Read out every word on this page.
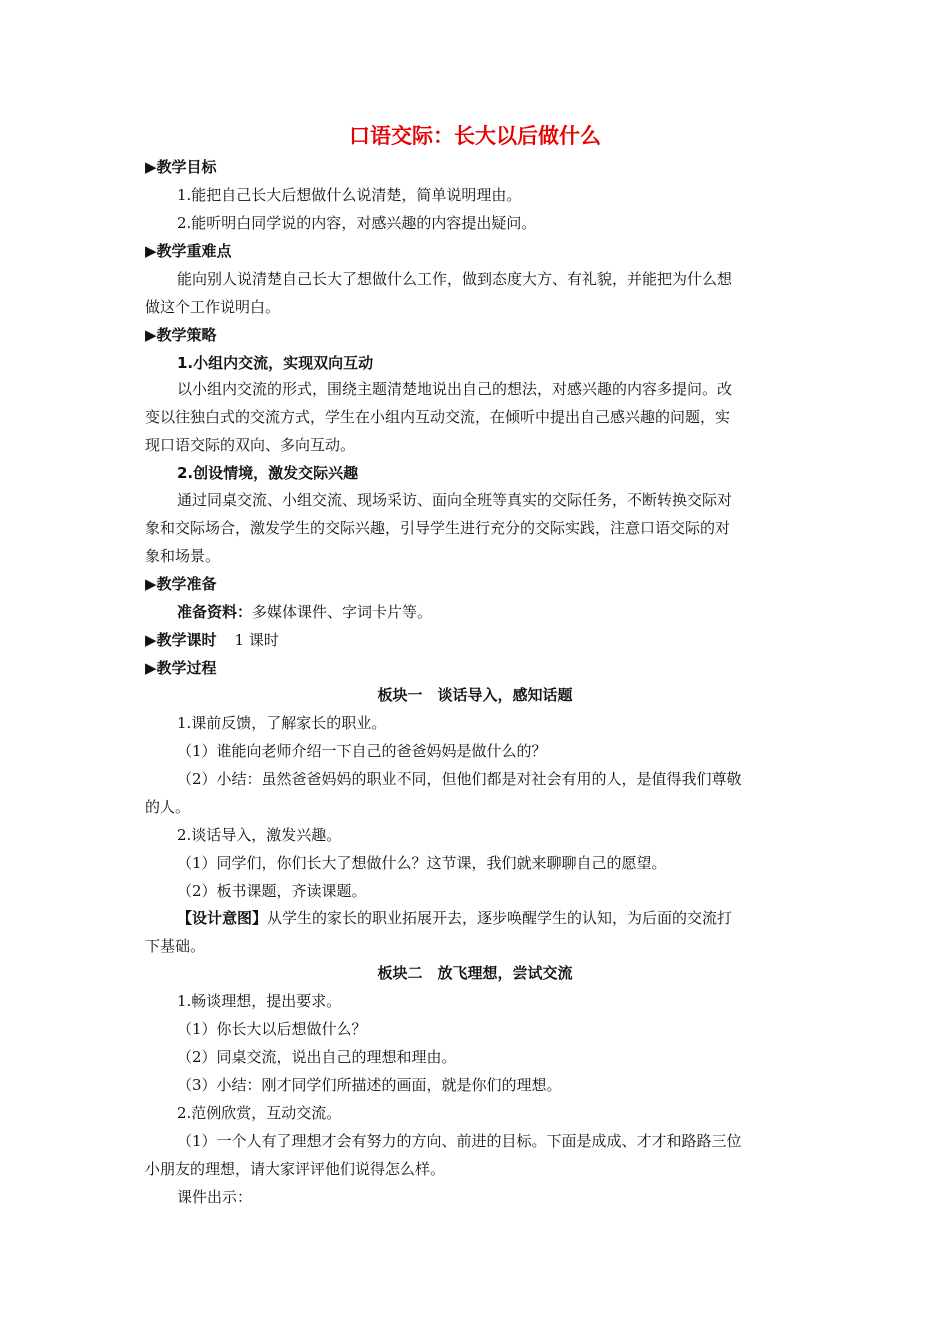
口语交际：长大以后做什么
▶教学目标
1.能把自己长大后想做什么说清楚，简单说明理由。
2.能听明白同学说的内容，对感兴趣的内容提出疑问。
▶教学重难点
能向别人说清楚自己长大了想做什么工作，做到态度大方、有礼貌，并能把为什么想
做这个工作说明白。
▶教学策略
1.小组内交流，实现双向互动
以小组内交流的形式，围绕主题清楚地说出自己的想法，对感兴趣的内容多提问。改
变以往独白式的交流方式，学生在小组内互动交流，在倾听中提出自己感兴趣的问题，实
现口语交际的双向、多向互动。
2.创设情境，激发交际兴趣
通过同桌交流、小组交流、现场采访、面向全班等真实的交际任务，不断转换交际对
象和交际场合，激发学生的交际兴趣，引导学生进行充分的交际实践，注意口语交际的对
象和场景。
▶教学准备
准备资料：多媒体课件、字词卡片等。
▶教学课时 1 课时
▶教学过程
板块一　谈话导入，感知话题
1.课前反馈，了解家长的职业。
（1）谁能向老师介绍一下自己的爸爸妈妈是做什么的？
（2）小结：虽然爸爸妈妈的职业不同，但他们都是对社会有用的人，是值得我们尊敬
的人。
2.谈话导入，激发兴趣。
（1）同学们，你们长大了想做什么？这节课，我们就来聊聊自己的愿望。
（2）板书课题，齐读课题。
【设计意图】从学生的家长的职业拓展开去，逐步唤醒学生的认知，为后面的交流打
下基础。
板块二　放飞理想，尝试交流
1.畅谈理想，提出要求。
（1）你长大以后想做什么？
（2）同桌交流，说出自己的理想和理由。
（3）小结：刚才同学们所描述的画面，就是你们的理想。
2.范例欣赏，互动交流。
（1）一个人有了理想才会有努力的方向、前进的目标。下面是成成、才才和路路三位
小朋友的理想，请大家评评他们说得怎么样。
课件出示：
